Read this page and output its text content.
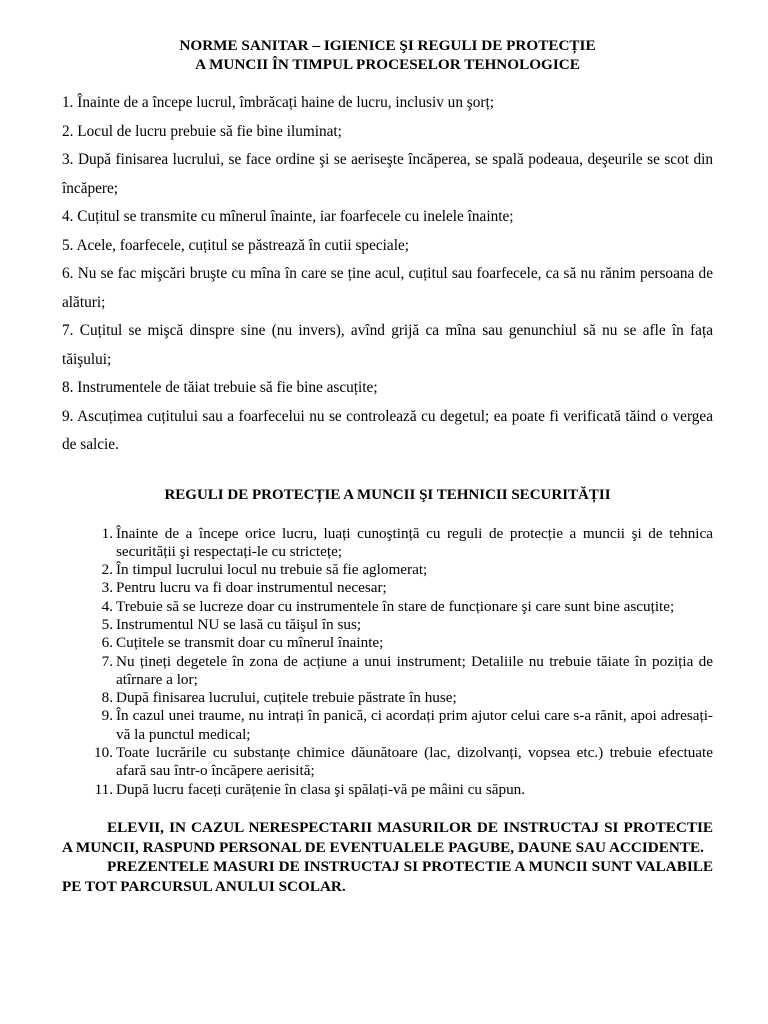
NORME SANITAR – IGIENICE ŞI REGULI DE PROTECȚIE

A MUNCII ÎN TIMPUL PROCESELOR TEHNOLOGICE

1. Înainte de a începe lucrul, îmbrăcați haine de lucru, inclusiv un şorț;

2. Locul de lucru prebuie să fie bine iluminat;

3. După finisarea lucrului, se face ordine şi se aeriseşte încăperea, se spală podeaua, deşeurile se scot din încăpere;

4. Cuțitul se transmite cu mînerul înainte, iar foarfecele cu inelele înainte;

5. Acele, foarfecele, cuțitul se păstrează în cutii speciale;

6. Nu se fac mişcări bruşte cu mîna în care se ține acul, cuțitul sau foarfecele, ca să nu rănim persoana de alături;

7. Cuțitul se mişcă dinspre sine (nu invers), avînd grijă ca mîna sau genunchiul să nu se afle în fața tăişului;

8. Instrumentele de tăiat trebuie să fie bine ascuțite;

9. Ascuțimea cuțitului sau a foarfecelui nu se controlează cu degetul; ea poate fi verificată tăind o vergea de salcie.

REGULI DE PROTECȚIE A MUNCII ŞI TEHNICII SECURITĂȚII

1. Înainte de a începe orice lucru, luați cunoştință cu reguli de protecție a muncii şi de tehnica securității şi respectați-le cu strictețe;
2. În timpul lucrului locul nu trebuie să fie aglomerat;
3. Pentru lucru va fi doar instrumentul necesar;
4. Trebuie să se lucreze doar cu instrumentele în stare de funcționare şi care sunt bine ascuțite;
5. Instrumentul NU se lasă cu tăişul în sus;
6. Cuțitele se transmit doar cu mînerul înainte;
7. Nu țineți degetele în zona de acțiune a unui instrument; Detaliile nu trebuie tăiate în poziția de atîrnare a lor;
8. După finisarea lucrului, cuțitele trebuie păstrate în huse;
9. În cazul unei traume, nu intrați în panică, ci acordați prim ajutor celui care s-a rănit, apoi adresați-vă la punctul medical;
10. Toate lucrările cu substanțe chimice dăunătoare (lac, dizolvanți, vopsea etc.) trebuie efectuate afară sau într-o încăpere aerisită;
11. După lucru faceți curățenie în clasa şi spălați-vă pe mâini cu săpun.

ELEVII, IN CAZUL NERESPECTARII MASURILOR DE INSTRUCTAJ SI PROTECTIE A MUNCII, RASPUND PERSONAL DE EVENTUALELE PAGUBE, DAUNE SAU ACCIDENTE.

PREZENTELE MASURI DE INSTRUCTAJ SI PROTECTIE A MUNCII SUNT VALABILE PE TOT PARCURSUL ANULUI SCOLAR.
